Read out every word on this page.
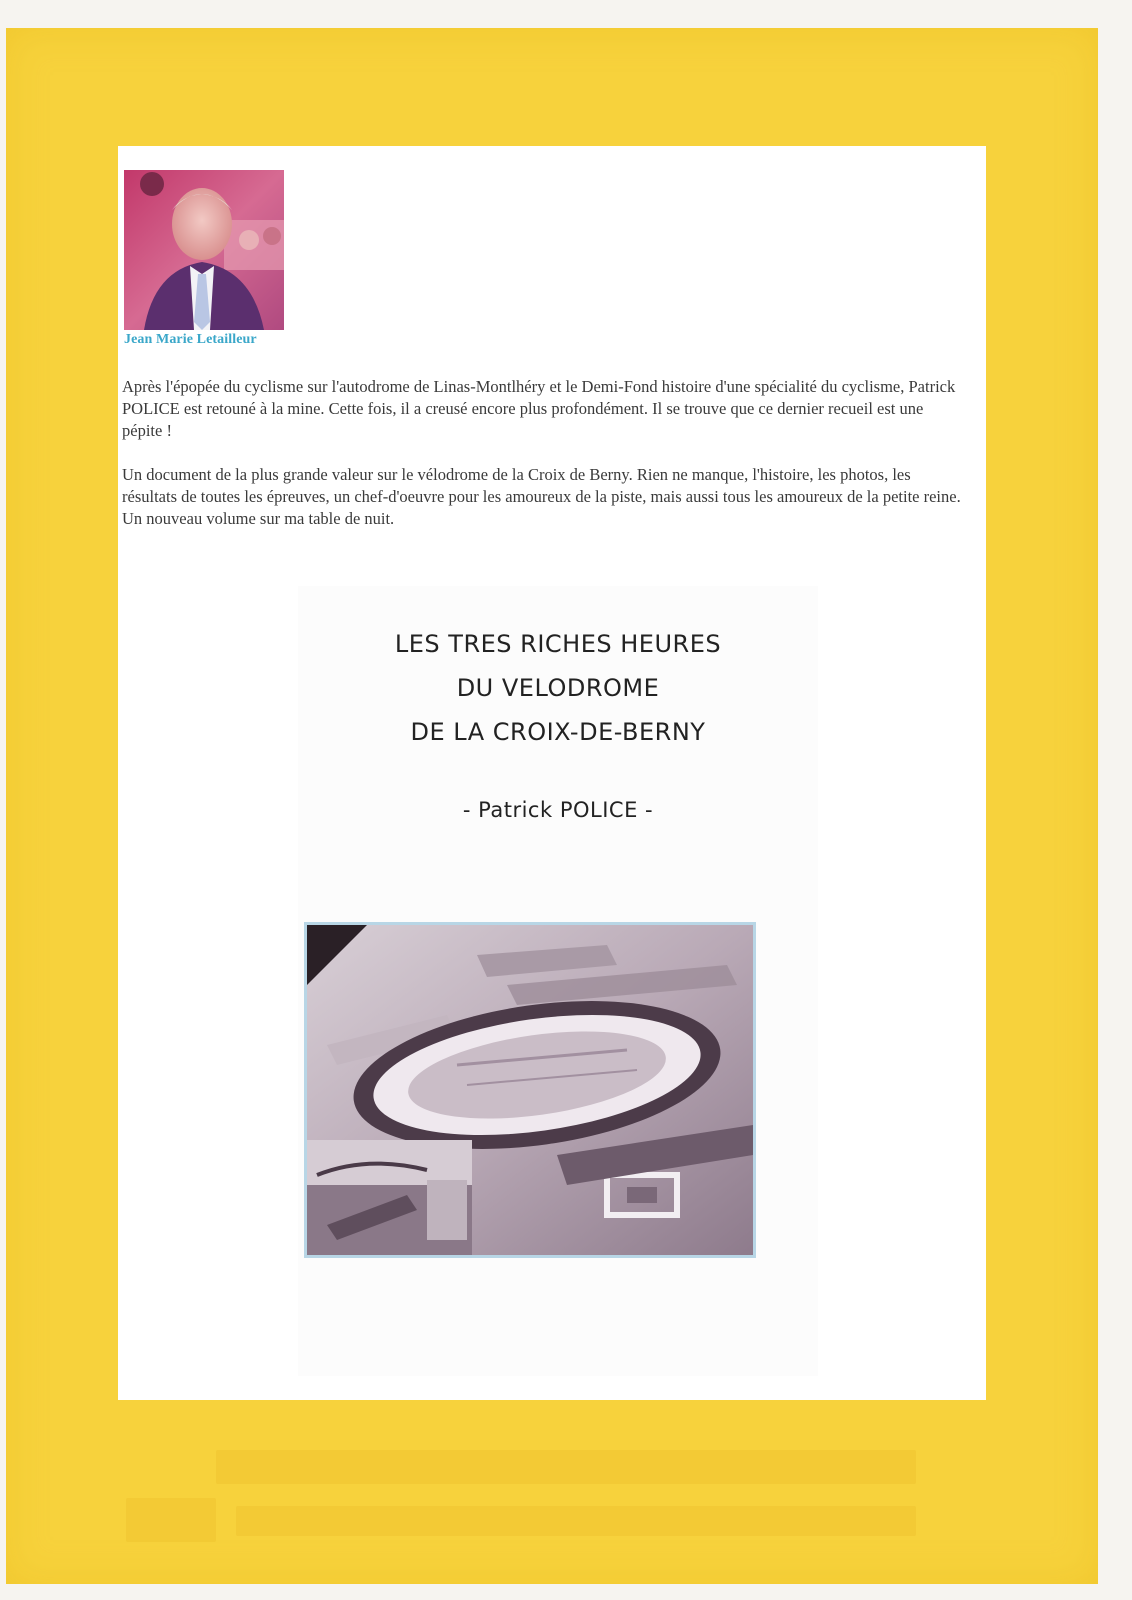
Jean Marie Letailleur

Après l'épopée du cyclisme sur l'autodrome de Linas-Montlhéry et le Demi-Fond histoire d'une spécialité du cyclisme, Patrick POLICE est retouné à la mine. Cette fois, il a creusé encore plus profondément. Il se trouve que ce dernier recueil est une pépite !

Un document de la plus grande valeur sur le vélodrome de la Croix de Berny. Rien ne manque, l'histoire, les photos, les résultats de toutes les épreuves, un chef-d'oeuvre pour les amoureux de la piste, mais aussi tous les amoureux de la petite reine. Un nouveau volume sur ma table de nuit.

LES TRES RICHES HEURES
DU VELODROME
DE LA CROIX-DE-BERNY
- Patrick POLICE -
